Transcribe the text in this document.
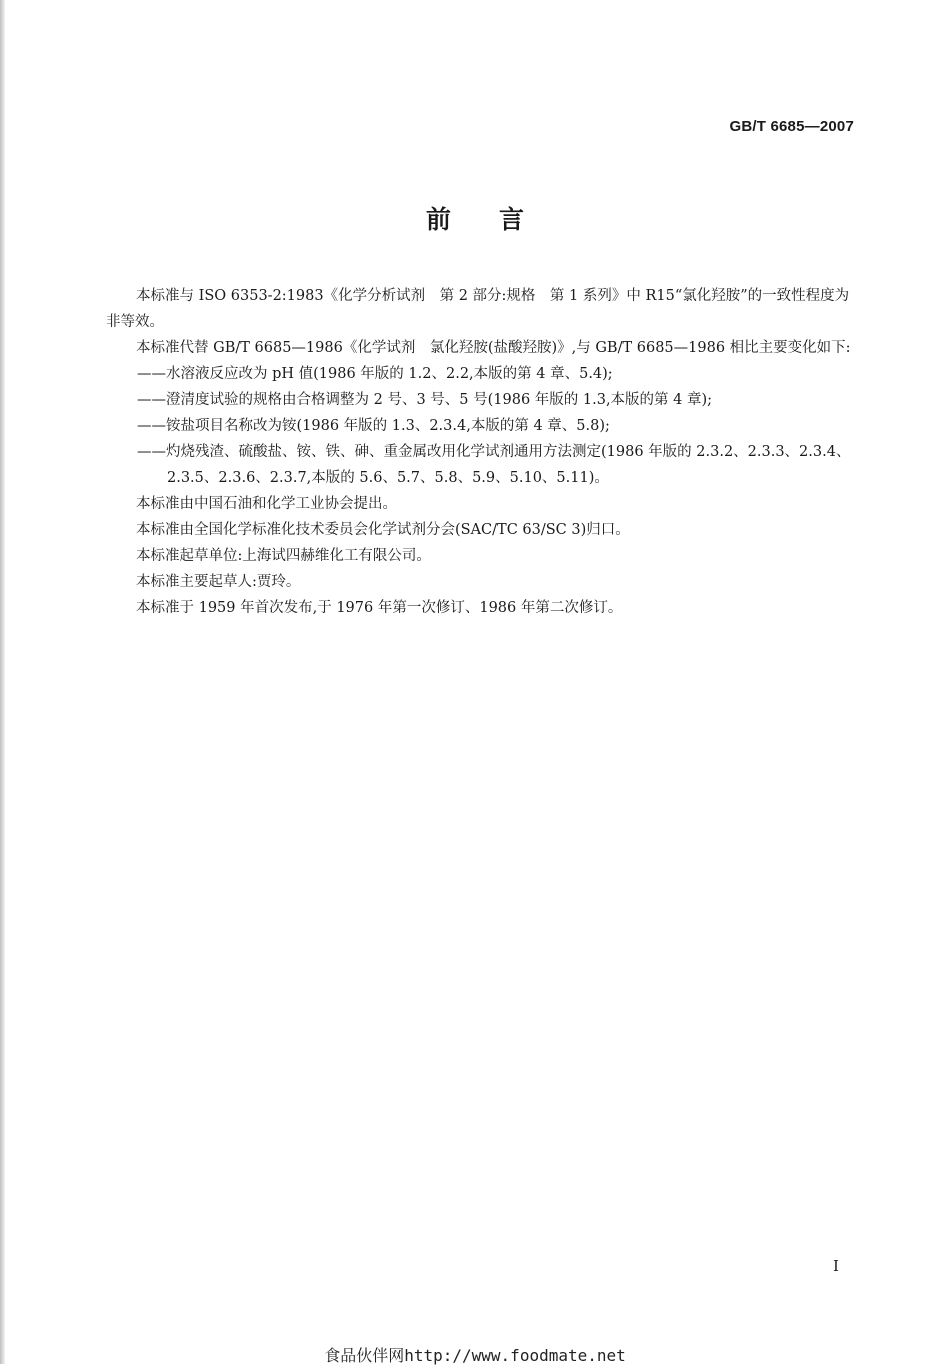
GB/T 6685—2007
前言

本标准与 ISO 6353-2:1983《化学分析试剂　第 2 部分:规格　第 1 系列》中 R15“氯化羟胺”的一致性程度为非等效。

本标准代替 GB/T 6685—1986《化学试剂　氯化羟胺(盐酸羟胺)》,与 GB/T 6685—1986 相比主要变化如下:

——水溶液反应改为 pH 值(1986 年版的 1.2、2.2,本版的第 4 章、5.4);

——澄清度试验的规格由合格调整为 2 号、3 号、5 号(1986 年版的 1.3,本版的第 4 章);

——铵盐项目名称改为铵(1986 年版的 1.3、2.3.4,本版的第 4 章、5.8);

——灼烧残渣、硫酸盐、铵、铁、砷、重金属改用化学试剂通用方法测定(1986 年版的 2.3.2、2.3.3、2.3.4、2.3.5、2.3.6、2.3.7,本版的 5.6、5.7、5.8、5.9、5.10、5.11)。

本标准由中国石油和化学工业协会提出。

本标准由全国化学标准化技术委员会化学试剂分会(SAC/TC 63/SC 3)归口。

本标准起草单位:上海试四赫维化工有限公司。

本标准主要起草人:贾玲。

本标准于 1959 年首次发布,于 1976 年第一次修订、1986 年第二次修订。

I
食品伙伴网http://www.foodmate.net
